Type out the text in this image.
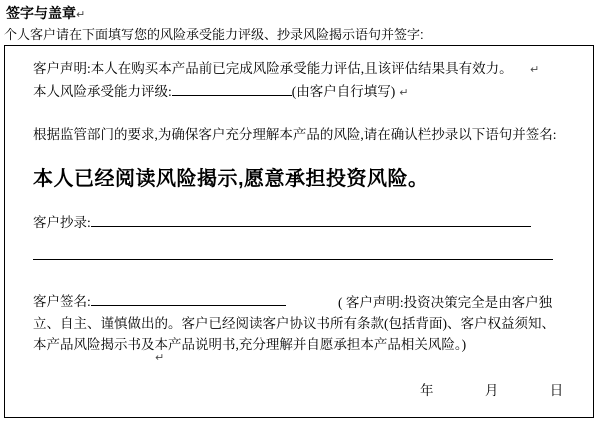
签字与盖章↵
个人客户请在下面填写您的风险承受能力评级、抄录风险揭示语句并签字:
客户声明:本人在购买本产品前已完成风险承受能力评估,且该评估结果具有效力。 ↵
本人风险承受能力评级:	(由客户自行填写) ↵
根据监管部门的要求,为确保客户充分理解本产品的风险,请在确认栏抄录以下语句并签名:
本人已经阅读风险揭示,愿意承担投资风险。
客户抄录:
客户签名:	( 客户声明:投资决策完全是由客户独立、自主、谨慎做出的。客户已经阅读客户协议书所有条款(包括背面)、客户权益须知、本产品风险揭示书及本产品说明书,充分理解并自愿承担本产品相关风险。)
↵
年 月 日
